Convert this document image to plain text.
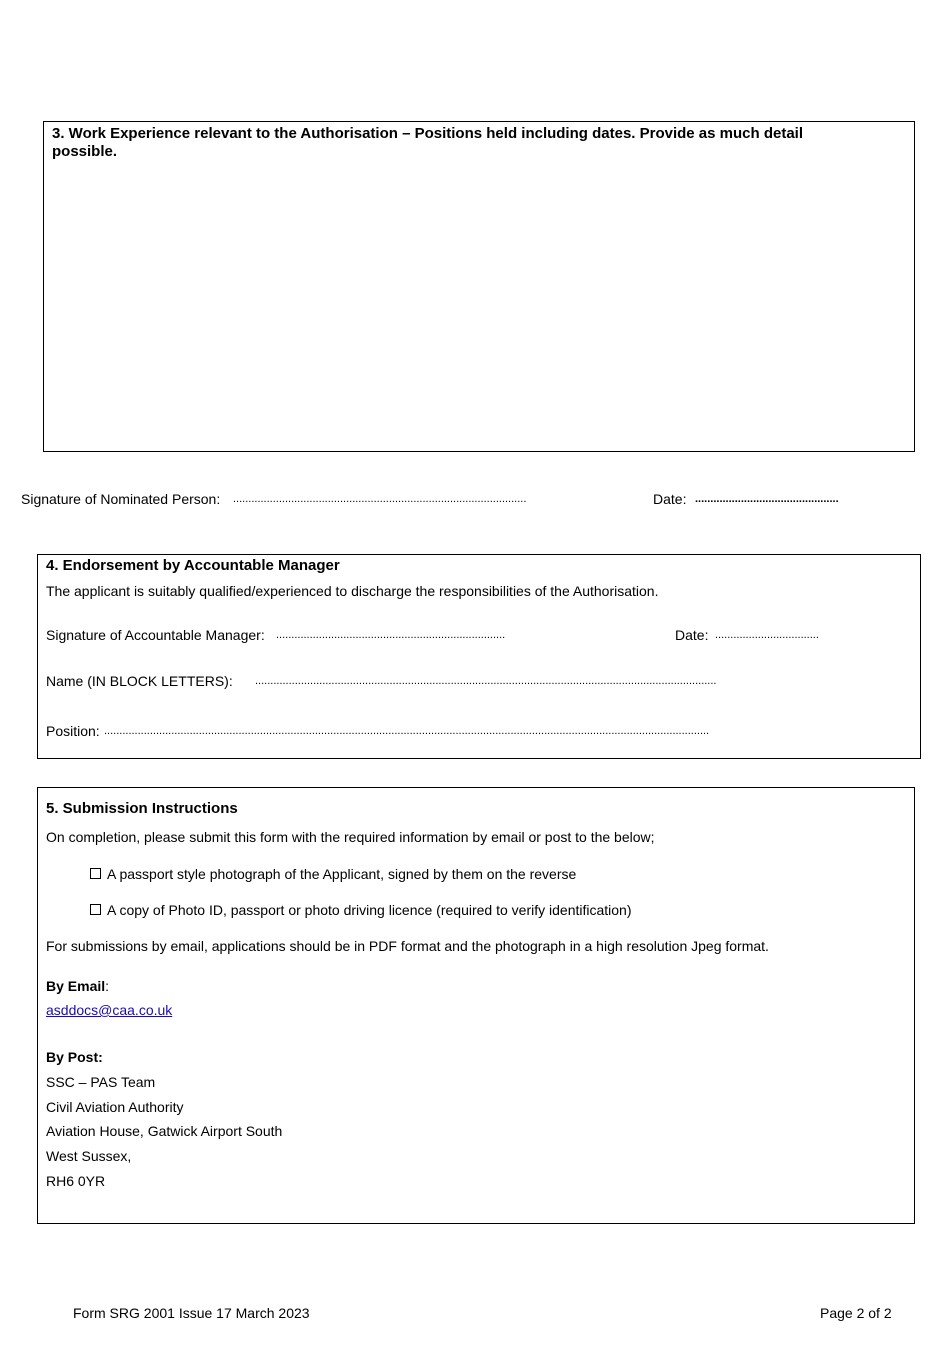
3. Work Experience relevant to the Authorisation – Positions held including dates. Provide as much detail
possible.
Signature of Nominated Person: ................................................................................................	Date: ...............................................
4. Endorsement by Accountable Manager
The applicant is suitably qualified/experienced to discharge the responsibilities of the Authorisation.
Signature of Accountable Manager: ...........................................................................	Date: ..................................
Name (IN BLOCK LETTERS): .......................................................................................................................................................
Position: ......................................................................................................................................................................................................
5. Submission Instructions
On completion, please submit this form with the required information by email or post to the below;
A passport style photograph of the Applicant, signed by them on the reverse
A copy of Photo ID, passport or photo driving licence (required to verify identification)
For submissions by email, applications should be in PDF format and the photograph in a high resolution Jpeg format.
By Email:
asddocs@caa.co.uk
By Post:
SSC – PAS Team
Civil Aviation Authority
Aviation House, Gatwick Airport South
West Sussex,
RH6 0YR
Form SRG 2001 Issue 17 March 2023	Page 2 of 2
